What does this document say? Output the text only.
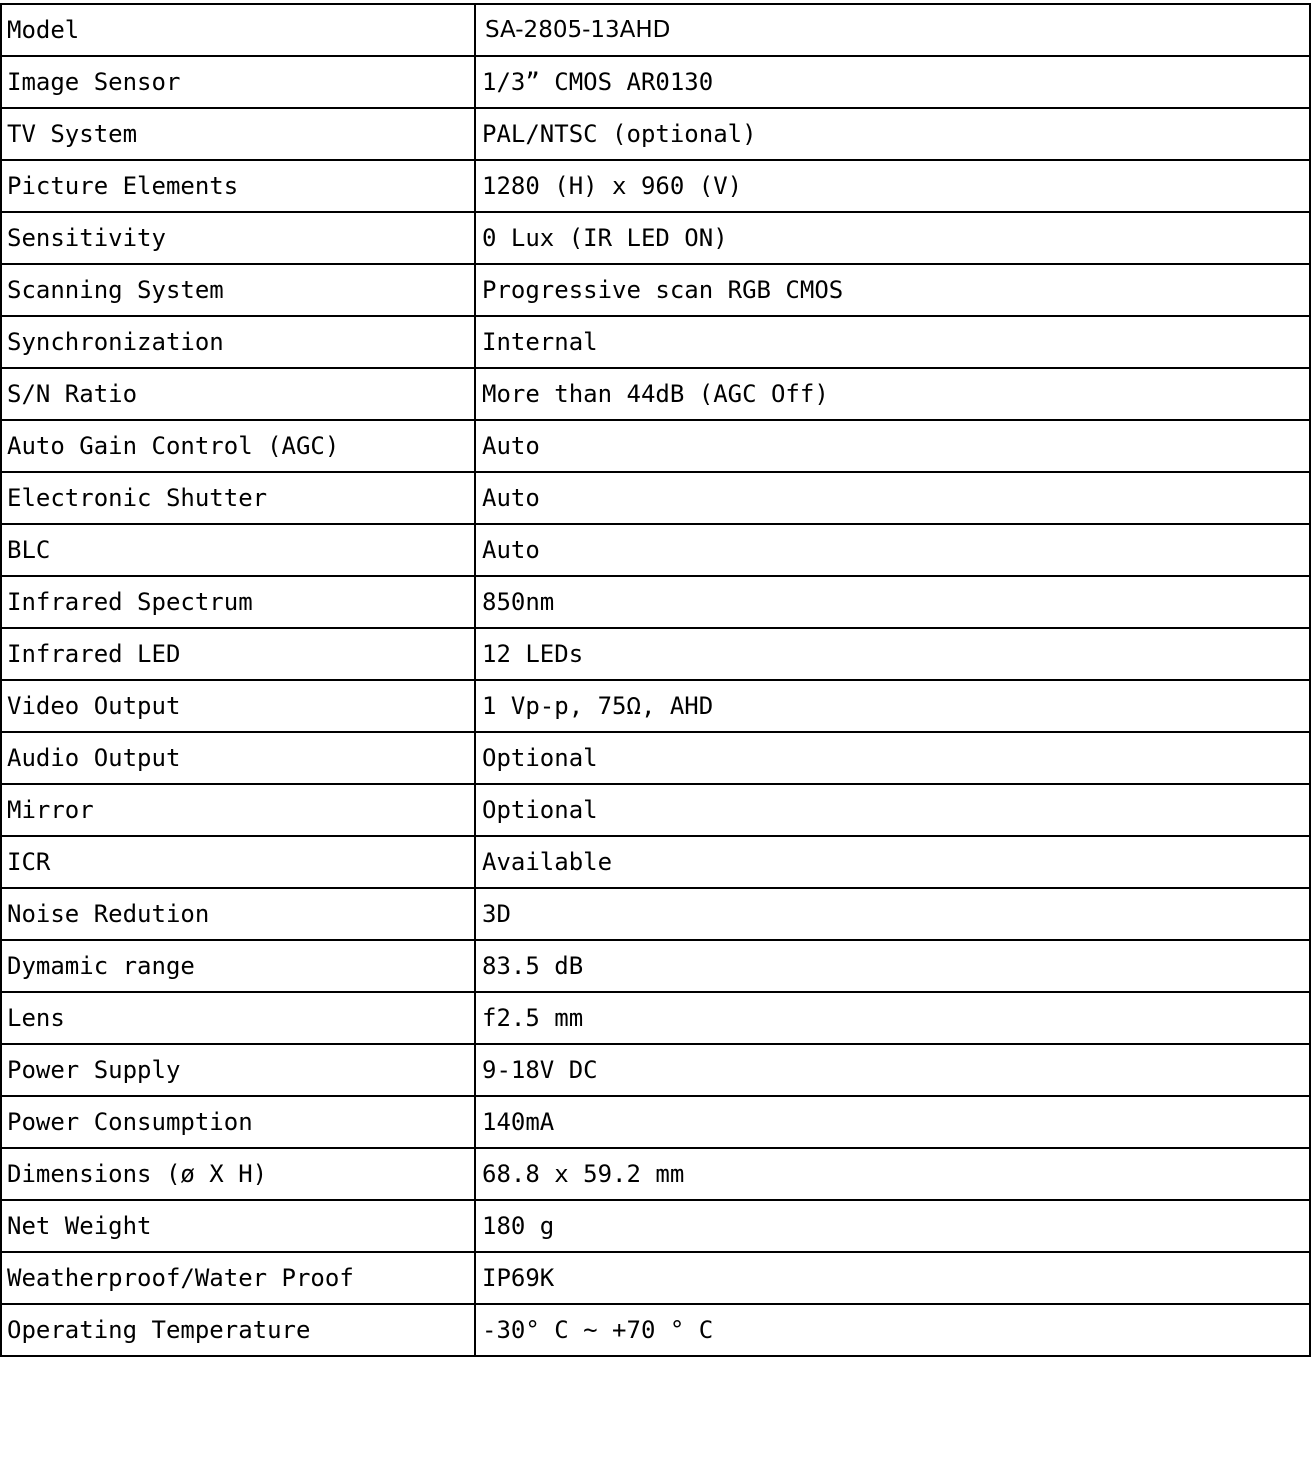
Model	SA-2805-13AHD
Image Sensor	1/3” CMOS AR0130
TV System	PAL/NTSC (optional)
Picture Elements	1280 (H) x 960 (V)
Sensitivity	0 Lux (IR LED ON)
Scanning System	Progressive scan RGB CMOS
Synchronization	Internal
S/N Ratio	More than 44dB (AGC Off)
Auto Gain Control (AGC)	Auto
Electronic Shutter	Auto
BLC	Auto
Infrared Spectrum	850nm
Infrared LED	12 LEDs
Video Output	1 Vp-p, 75Ω, AHD
Audio Output	Optional
Mirror	Optional
ICR	Available
Noise Redution	3D
Dymamic range	83.5 dB
Lens	f2.5 mm
Power Supply	9-18V DC
Power Consumption	140mA
Dimensions (ø X H)	68.8 x 59.2 mm
Net Weight	180 g
Weatherproof/Water Proof	IP69K
Operating Temperature	-30° C ~ +70 ° C
